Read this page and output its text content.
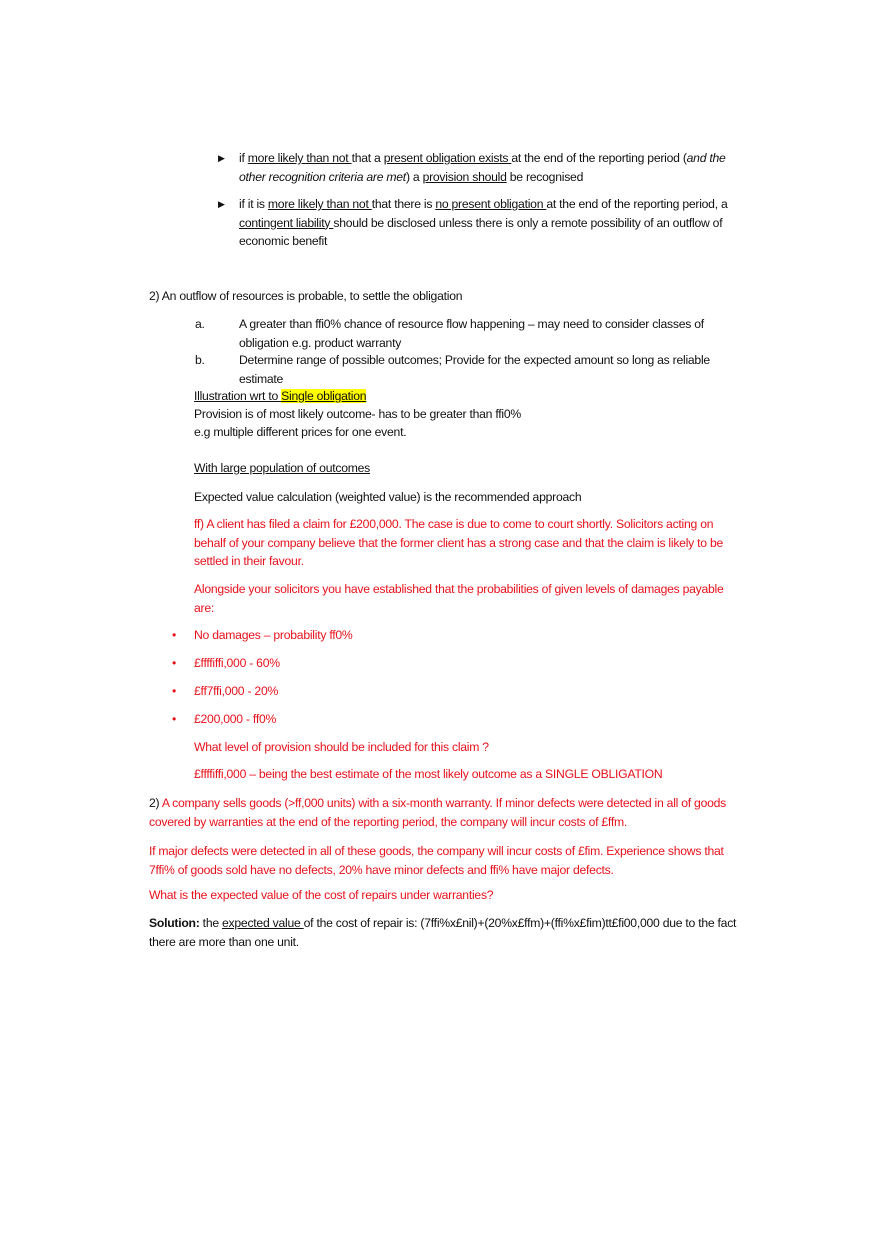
▶ if more likely than not that a present obligation exists at the end of the reporting period (and the other recognition criteria are met) a provision should be recognised
▶ if it is more likely than not that there is no present obligation at the end of the reporting period, a contingent liability should be disclosed unless there is only a remote possibility of an outflow of economic benefit
2) An outflow of resources is probable, to settle the obligation
a.	A greater than ffi0% chance of resource flow happening – may need to consider classes of obligation e.g. product warranty
b.	Determine range of possible outcomes; Provide for the expected amount so long as reliable estimate
Illustration wrt to Single obligation
Provision is of most likely outcome- has to be greater than ffi0%
e.g multiple different prices for one event.
With large population of outcomes
Expected value calculation (weighted value) is the recommended approach
ff) A client has filed a claim for £200,000. The case is due to come to court shortly. Solicitors acting on behalf of your company believe that the former client has a strong case and that the claim is likely to be settled in their favour.
Alongside your solicitors you have established that the probabilities of given levels of damages payable are:
• No damages – probability ff0%
• £ffffiffi,000 - 60%
• £ff7ffi,000 - 20%
• £200,000 - ff0%
What level of provision should be included for this claim ?
£ffffiffi,000 – being the best estimate of the most likely outcome as a SINGLE OBLIGATION
2) A company sells goods (>ff,000 units) with a six-month warranty. If minor defects were detected in all of goods covered by warranties at the end of the reporting period, the company will incur costs of £ffm.
If major defects were detected in all of these goods, the company will incur costs of £fim. Experience shows that 7ffi% of goods sold have no defects, 20% have minor defects and ffi% have major defects.
What is the expected value of the cost of repairs under warranties?
Solution: the expected value of the cost of repair is: (7ffi%x£nil)+(20%x£ffm)+(ffi%x£fim)tt£fi00,000 due to the fact there are more than one unit.
